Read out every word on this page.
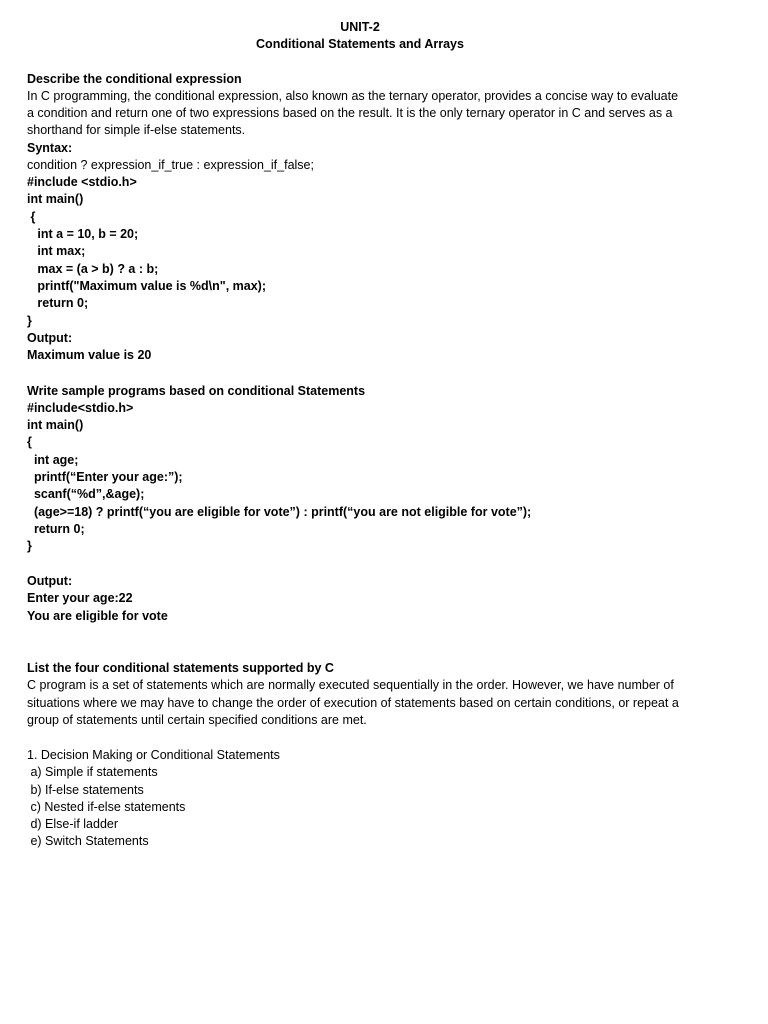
UNIT-2
Conditional Statements and Arrays
Describe the conditional expression
In C programming, the conditional expression, also known as the ternary operator, provides a concise way to evaluate
a condition and return one of two expressions based on the result. It is the only ternary operator in C and serves as a
shorthand for simple if-else statements.
Syntax:
condition ? expression_if_true : expression_if_false;
#include <stdio.h>
int main()
{
int a = 10, b = 20;
int max;
max = (a > b) ? a : b;
printf("Maximum value is %d\n", max);
return 0;
}
Output:
Maximum value is 20
Write sample programs based on conditional Statements
#include<stdio.h>
int main()
{
int age;
printf(“Enter your age:”);
scanf(“%d”,&age);
(age>=18) ? printf(“you are eligible for vote”) : printf(“you are not eligible for vote”);
return 0;
}
Output:
Enter your age:22
You are eligible for vote
List the four conditional statements supported by C
C program is a set of statements which are normally executed sequentially in the order. However, we have number of
situations where we may have to change the order of execution of statements based on certain conditions, or repeat a
group of statements until certain specified conditions are met.
1. Decision Making or Conditional Statements
a) Simple if statements
b) If-else statements
c) Nested if-else statements
d) Else-if ladder
e) Switch Statements
